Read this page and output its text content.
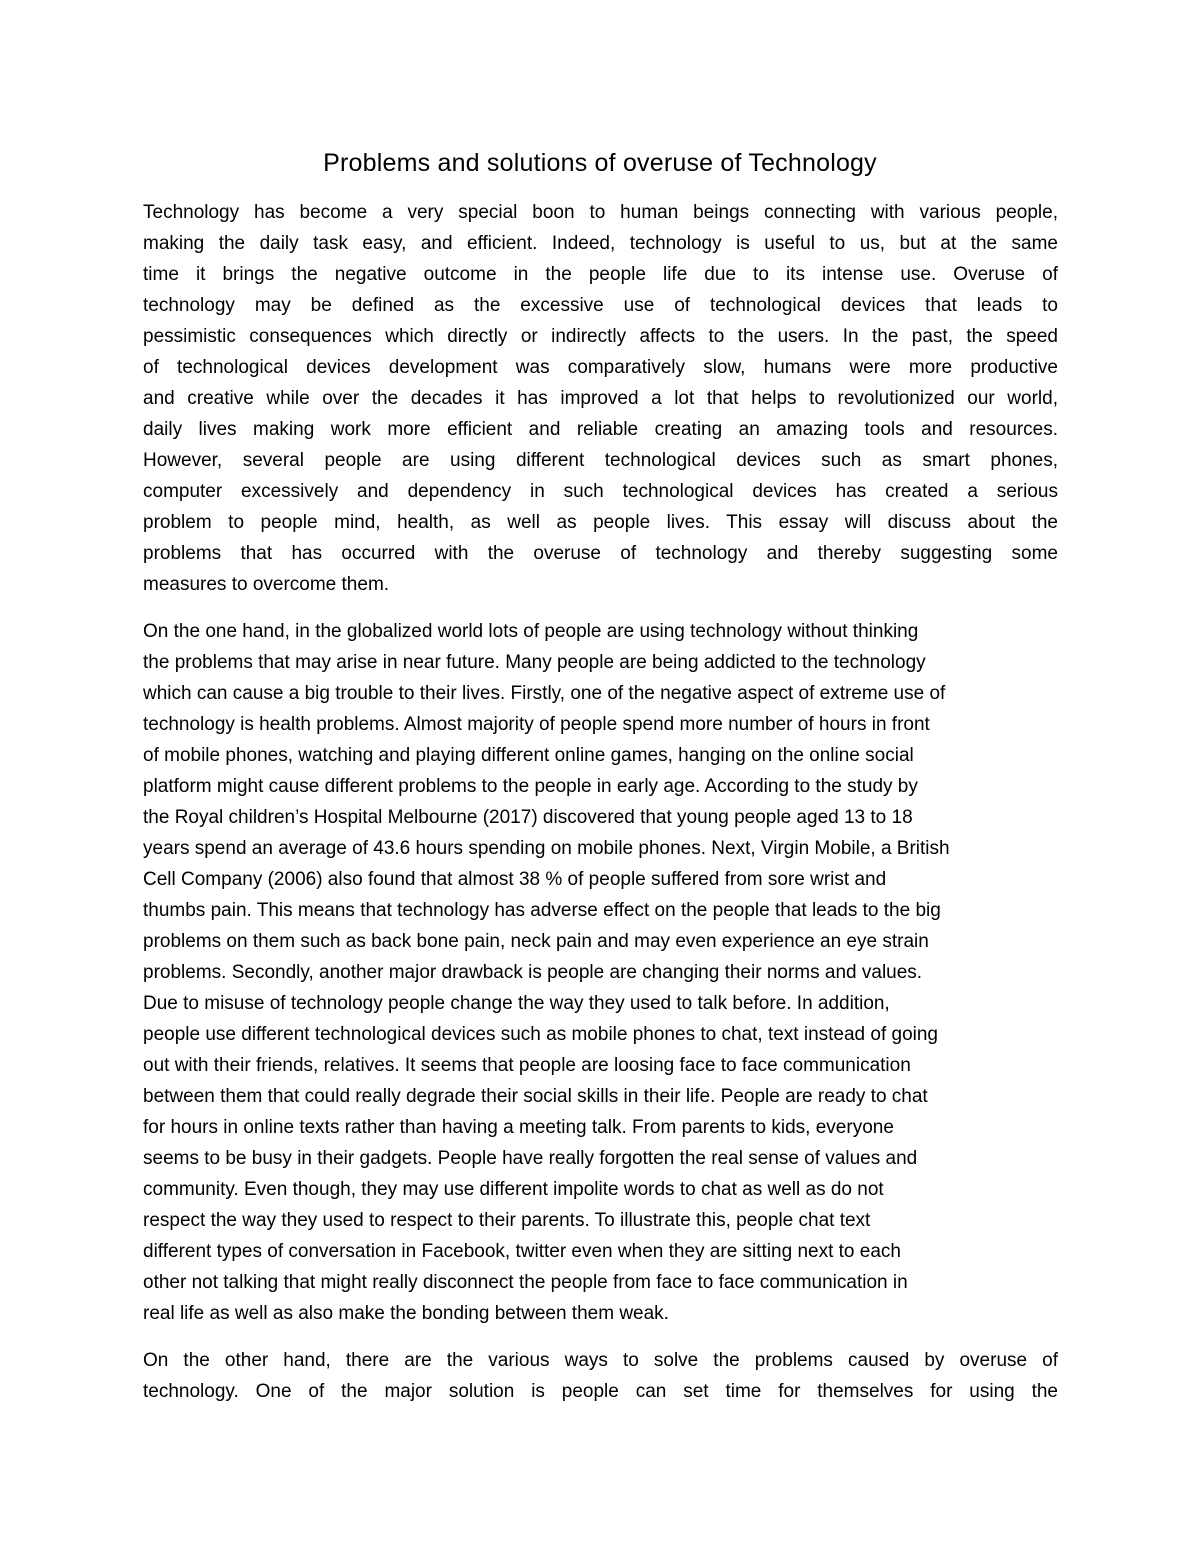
Problems and solutions of overuse of Technology

Technology has become a very special boon to human beings connecting with various people,

making the daily task easy, and efficient. Indeed, technology is useful to us, but at the same

time it brings the negative outcome in the people life due to its intense use. Overuse of

technology may be defined as the excessive use of technological devices that leads to

pessimistic consequences which directly or indirectly affects to the users. In the past, the speed

of technological devices development was comparatively slow, humans were more productive

and creative while over the decades it has improved a lot that helps to revolutionized our world,

daily lives making work more efficient and reliable creating an amazing tools and resources.

However, several people are using different technological devices such as smart phones,

computer excessively and dependency in such technological devices has created a serious

problem to people mind, health, as well as people lives. This essay will discuss about the

problems that has occurred with the overuse of technology and thereby suggesting some

measures to overcome them.

On the one hand, in the globalized world lots of people are using technology without thinking

the problems that may arise in near future. Many people are being addicted to the technology

which can cause a big trouble to their lives. Firstly, one of the negative aspect of extreme use of

technology is health problems. Almost majority of people spend more number of hours in front

of mobile phones, watching and playing different online games, hanging on the online social

platform might cause different problems to the people in early age. According to the study by

the Royal children’s Hospital Melbourne (2017) discovered that young people aged 13 to 18

years spend an average of 43.6 hours spending on mobile phones. Next, Virgin Mobile, a British

Cell Company (2006) also found that almost 38 % of people suffered from sore wrist and

thumbs pain. This means that technology has adverse effect on the people that leads to the big

problems on them such as back bone pain, neck pain and may even experience an eye strain

problems. Secondly, another major drawback is people are changing their norms and values.

Due to misuse of technology people change the way they used to talk before. In addition,

people use different technological devices such as mobile phones to chat, text instead of going

out with their friends, relatives. It seems that people are loosing face to face communication

between them that could really degrade their social skills in their life. People are ready to chat

for hours in online texts rather than having a meeting talk. From parents to kids, everyone

seems to be busy in their gadgets. People have really forgotten the real sense of values and

community. Even though, they may use different impolite words to chat as well as do not

respect the way they used to respect to their parents. To illustrate this, people chat text

different types of conversation in Facebook, twitter even when they are sitting next to each

other not talking that might really disconnect the people from face to face communication in

real life as well as also make the bonding between them weak.

On the other hand, there are the various ways to solve the problems caused by overuse of

technology. One of the major solution is people can set time for themselves for using the
